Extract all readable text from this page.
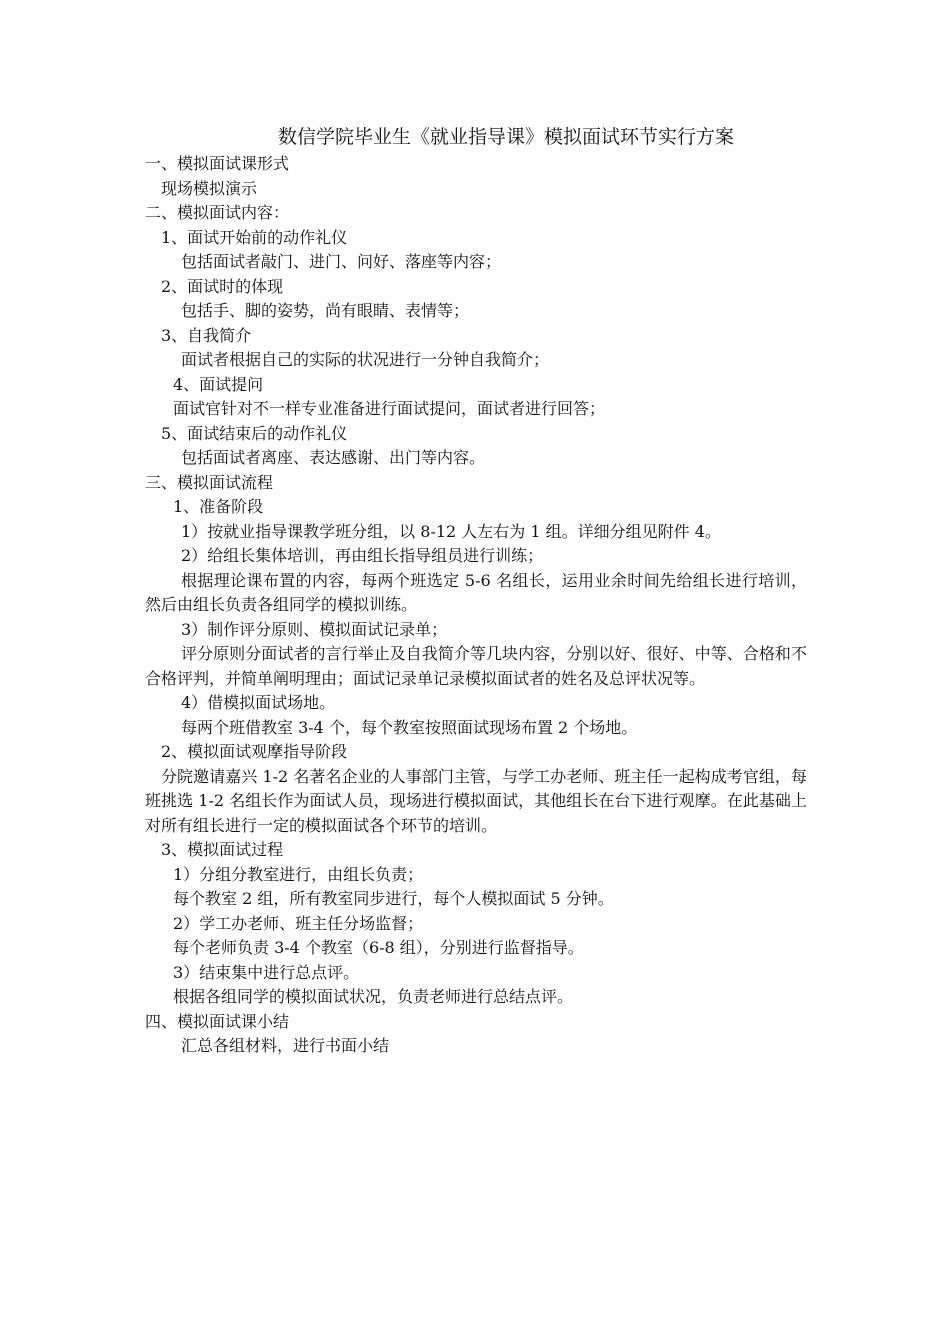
数信学院毕业生《就业指导课》模拟面试环节实行方案
一、模拟面试课形式
现场模拟演示
二、模拟面试内容：
1、面试开始前的动作礼仪
包括面试者敲门、进门、问好、落座等内容；
2、面试时的体现
包括手、脚的姿势，尚有眼睛、表情等；
3、自我简介
面试者根据自己的实际的状况进行一分钟自我简介；
4、面试提问
面试官针对不一样专业准备进行面试提问，面试者进行回答；
5、面试结束后的动作礼仪
包括面试者离座、表达感谢、出门等内容。
三、模拟面试流程
1、准备阶段
1）按就业指导课教学班分组，以 8-12 人左右为 1 组。详细分组见附件 4。
2）给组长集体培训，再由组长指导组员进行训练；
根据理论课布置的内容，每两个班选定 5-6 名组长，运用业余时间先给组长进行培训，然后由组长负责各组同学的模拟训练。
3）制作评分原则、模拟面试记录单；
评分原则分面试者的言行举止及自我简介等几块内容，分别以好、很好、中等、合格和不合格评判，并简单阐明理由；面试记录单记录模拟面试者的姓名及总评状况等。
4）借模拟面试场地。
每两个班借教室 3-4 个，每个教室按照面试现场布置 2 个场地。
2、模拟面试观摩指导阶段
分院邀请嘉兴 1-2 名著名企业的人事部门主管，与学工办老师、班主任一起构成考官组，每班挑选 1-2 名组长作为面试人员，现场进行模拟面试，其他组长在台下进行观摩。在此基础上对所有组长进行一定的模拟面试各个环节的培训。
3、模拟面试过程
1）分组分教室进行，由组长负责；
每个教室 2 组，所有教室同步进行，每个人模拟面试 5 分钟。
2）学工办老师、班主任分场监督；
每个老师负责 3-4 个教室（6-8 组），分别进行监督指导。
3）结束集中进行总点评。
根据各组同学的模拟面试状况，负责老师进行总结点评。
四、模拟面试课小结
汇总各组材料，进行书面小结
